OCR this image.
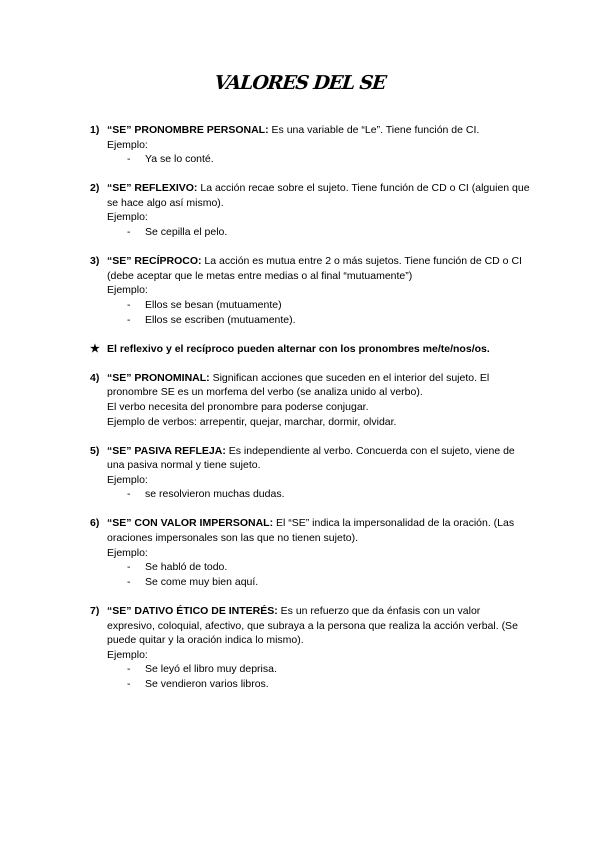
VALORES DEL SE
1) “SE” PRONOMBRE PERSONAL: Es una variable de “Le”. Tiene función de CI.
Ejemplo:
- Ya se lo conté.
2) “SE” REFLEXIVO: La acción recae sobre el sujeto. Tiene función de CD o CI (alguien que se hace algo así mismo).
Ejemplo:
- Se cepilla el pelo.
3) “SE” RECÍPROCO: La acción es mutua entre 2 o más sujetos. Tiene función de CD o CI (debe aceptar que le metas entre medias o al final “mutuamente”)
Ejemplo:
- Ellos se besan (mutuamente)
- Ellos se escriben (mutuamente).
★ El reflexivo y el recíproco pueden alternar con los pronombres me/te/nos/os.
4) “SE” PRONOMINAL: Significan acciones que suceden en el interior del sujeto. El pronombre SE es un morfema del verbo (se analiza unido al verbo).
El verbo necesita del pronombre para poderse conjugar.
Ejemplo de verbos: arrepentir, quejar, marchar, dormir, olvidar.
5) “SE” PASIVA REFLEJA: Es independiente al verbo. Concuerda con el sujeto, viene de una pasiva normal y tiene sujeto.
Ejemplo:
- se resolvieron muchas dudas.
6) “SE” CON VALOR IMPERSONAL: El “SE” indica la impersonalidad de la oración. (Las oraciones impersonales son las que no tienen sujeto).
Ejemplo:
- Se habló de todo.
- Se come muy bien aquí.
7) “SE” DATIVO ÉTICO DE INTERÉS: Es un refuerzo que da énfasis con un valor expresivo, coloquial, afectivo, que subraya a la persona que realiza la acción verbal. (Se puede quitar y la oración indica lo mismo).
Ejemplo:
- Se leyó el libro muy deprisa.
- Se vendieron varios libros.
